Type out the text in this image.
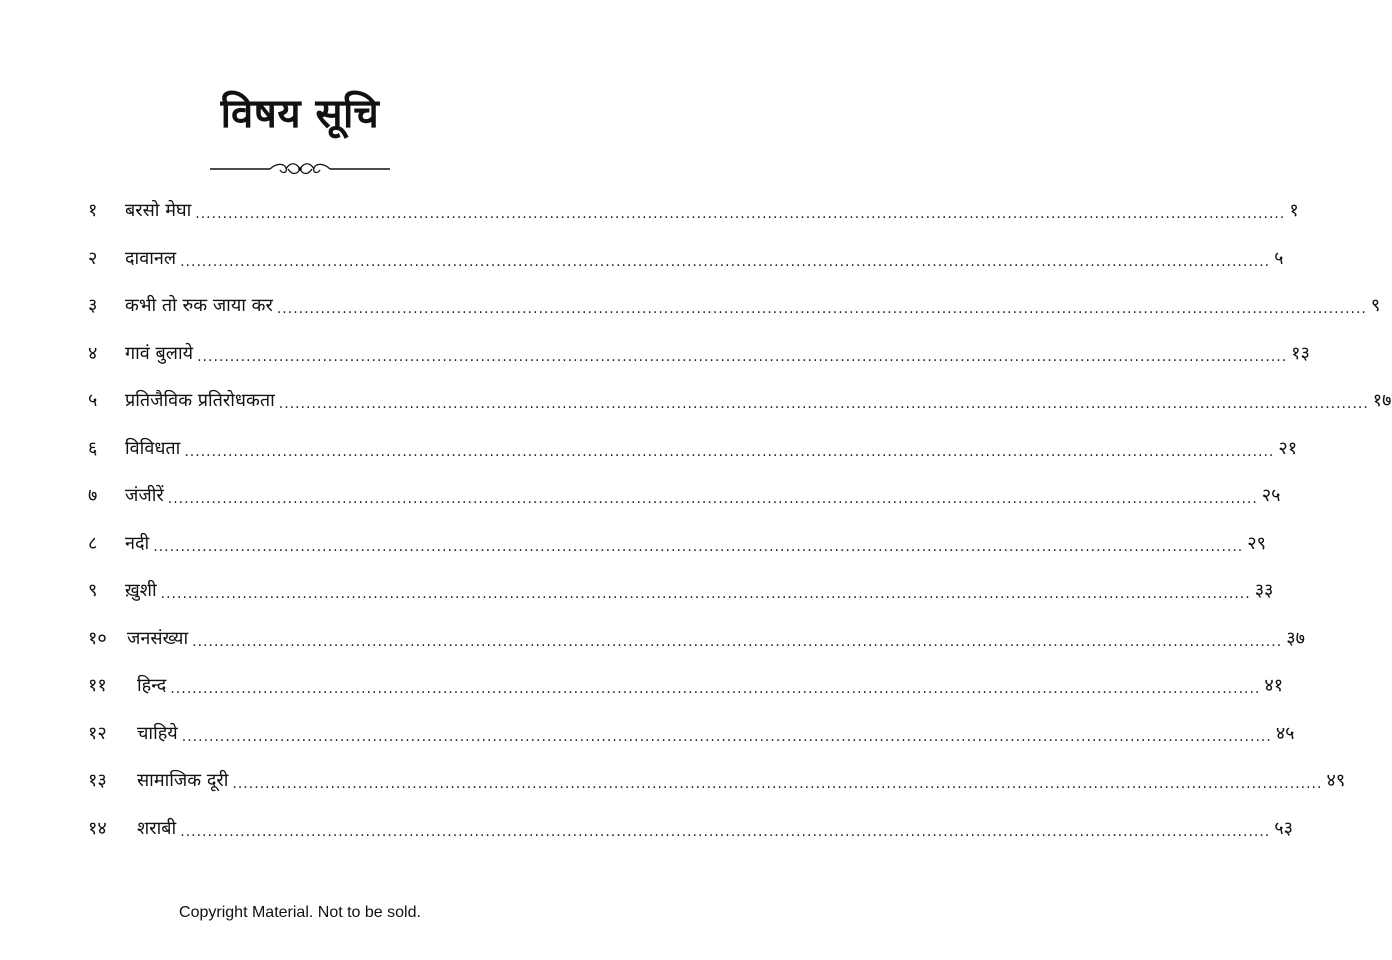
विषय सूचि
१	बरसो मेघा ........................................................................................................................................................................................................ १
२	दावानल ........................................................................................................................................................................................................ ५
३	कभी तो रुक जाया कर ........................................................................................................................................................................................................ ९
४	गावं बुलाये ........................................................................................................................................................................................................ १३
५	प्रतिजैविक प्रतिरोधकता ........................................................................................................................................................................................................ १७
६	विविधता ........................................................................................................................................................................................................ २१
७	जंजीरें ........................................................................................................................................................................................................ २५
८	नदी ........................................................................................................................................................................................................ २९
९	ख़ुशी ........................................................................................................................................................................................................ ३३
१०	जनसंख्या ........................................................................................................................................................................................................ ३७
११	हिन्द ........................................................................................................................................................................................................ ४१
१२	चाहिये ........................................................................................................................................................................................................ ४५
१३	सामाजिक दूरी ........................................................................................................................................................................................................ ४९
१४	शराबी ........................................................................................................................................................................................................ ५३
Copyright Material. Not to be sold.
